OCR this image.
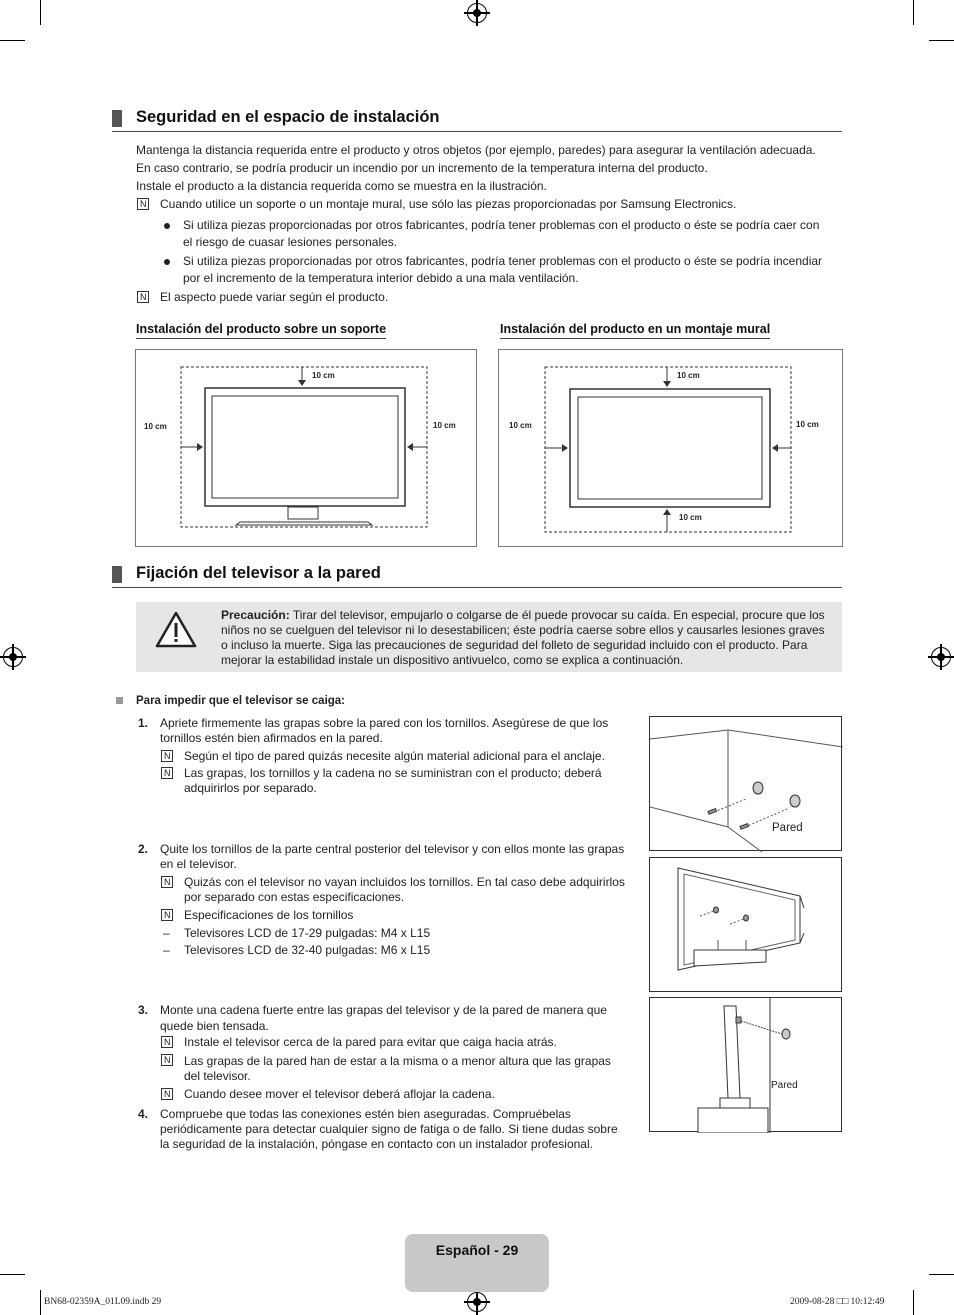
Seguridad en el espacio de instalación
Mantenga la distancia requerida entre el producto y otros objetos (por ejemplo, paredes) para asegurar la ventilación adecuada.
En caso contrario, se podría producir un incendio por un incremento de la temperatura interna del producto.
Instale el producto a la distancia requerida como se muestra en la ilustración.
N
Cuando utilice un soporte o un montaje mural, use sólo las piezas proporcionadas por Samsung Electronics.
Si utiliza piezas proporcionadas por otros fabricantes, podría tener problemas con el producto o éste se podría caer con
el riesgo de cuasar lesiones personales.
Si utiliza piezas proporcionadas por otros fabricantes, podría tener problemas con el producto o éste se podría incendiar
por el incremento de la temperatura interior debido a una mala ventilación.
N
El aspecto puede variar según el producto.
Instalación del producto sobre un soporte	Instalación del producto en un montaje mural
10 cm
10 cm	10 cm
10 cm
10 cm	10 cm
10 cm
Fijación del televisor a la pared
Precaución: Tirar del televisor, empujarlo o colgarse de él puede provocar su caída. En especial, procure que los
niños no se cuelguen del televisor ni lo desestabilicen; éste podría caerse sobre ellos y causarles lesiones graves
o incluso la muerte. Siga las precauciones de seguridad del folleto de seguridad incluido con el producto. Para
mejorar la estabilidad instale un dispositivo antivuelco, como se explica a continuación.
Para impedir que el televisor se caiga:
1. Apriete firmemente las grapas sobre la pared con los tornillos. Asegúrese de que los
tornillos estén bien afirmados en la pared.
N
Según el tipo de pared quizás necesite algún material adicional para el anclaje.
N
Las grapas, los tornillos y la cadena no se suministran con el producto; deberá
adquirirlos por separado.
2. Quite los tornillos de la parte central posterior del televisor y con ellos monte las grapas
en el televisor.
N
Quizás con el televisor no vayan incluidos los tornillos. En tal caso debe adquirirlos
por separado con estas especificaciones.
N
Especificaciones de los tornillos
– Televisores LCD de 17-29 pulgadas: M4 x L15
– Televisores LCD de 32-40 pulgadas: M6 x L15
3. Monte una cadena fuerte entre las grapas del televisor y de la pared de manera que
quede bien tensada.
N
Instale el televisor cerca de la pared para evitar que caiga hacia atrás.
N
Las grapas de la pared han de estar a la misma o a menor altura que las grapas
del televisor.
N
Cuando desee mover el televisor deberá aflojar la cadena.
4. Compruebe que todas las conexiones estén bien aseguradas. Compruébelas
periódicamente para detectar cualquier signo de fatiga o de fallo. Si tiene dudas sobre
la seguridad de la instalación, póngase en contacto con un instalador profesional.
Pared
Pared
Español - 29
BN68-02359A_01L09.indb 29	2009-08-28 □□ 10:12:49
